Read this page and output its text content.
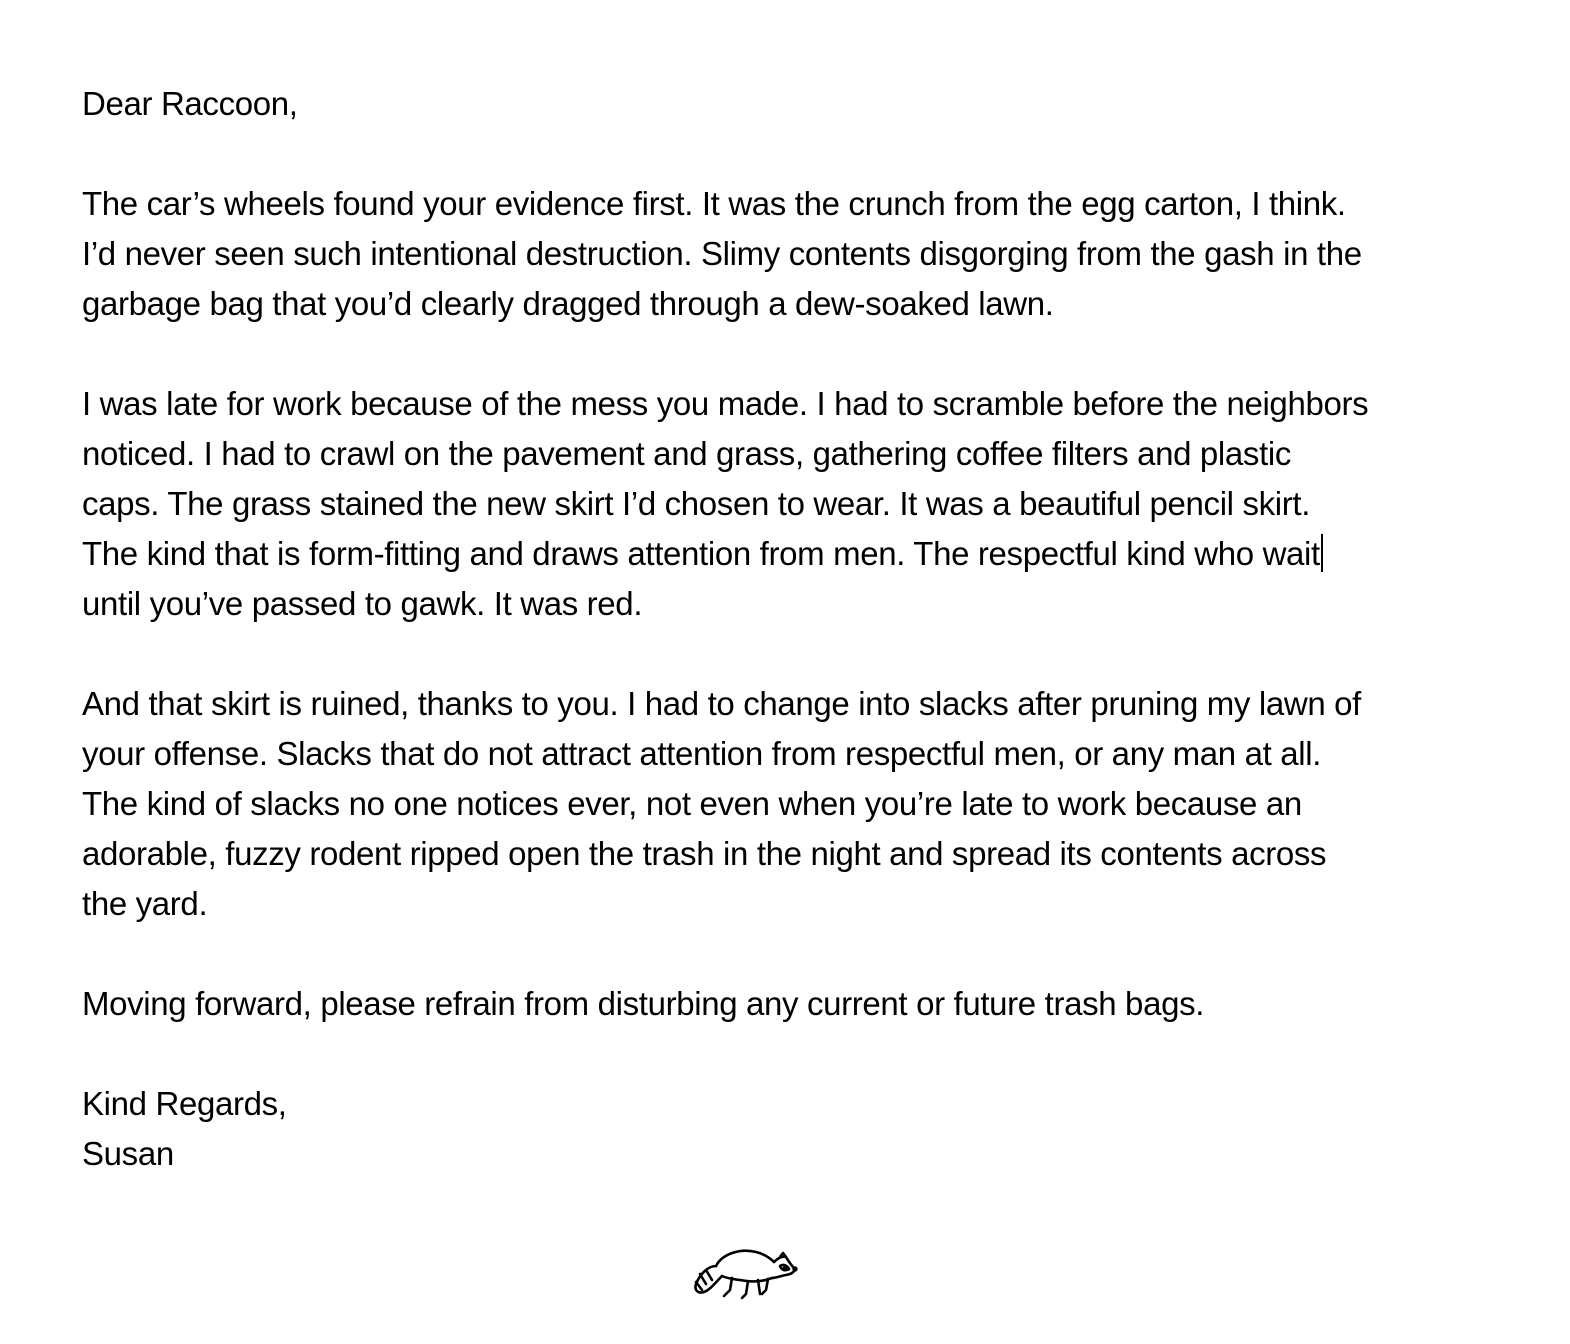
Dear Raccoon,

The car’s wheels found your evidence first. It was the crunch from the egg carton, I think.
I’d never seen such intentional destruction. Slimy contents disgorging from the gash in the
garbage bag that you’d clearly dragged through a dew-soaked lawn.

I was late for work because of the mess you made. I had to scramble before the neighbors
noticed. I had to crawl on the pavement and grass, gathering coffee filters and plastic
caps. The grass stained the new skirt I’d chosen to wear. It was a beautiful pencil skirt.
The kind that is form-fitting and draws attention from men. The respectful kind who wait
until you’ve passed to gawk. It was red.

And that skirt is ruined, thanks to you. I had to change into slacks after pruning my lawn of
your offense. Slacks that do not attract attention from respectful men, or any man at all.
The kind of slacks no one notices ever, not even when you’re late to work because an
adorable, fuzzy rodent ripped open the trash in the night and spread its contents across
the yard.

Moving forward, please refrain from disturbing any current or future trash bags.

Kind Regards,

Susan
